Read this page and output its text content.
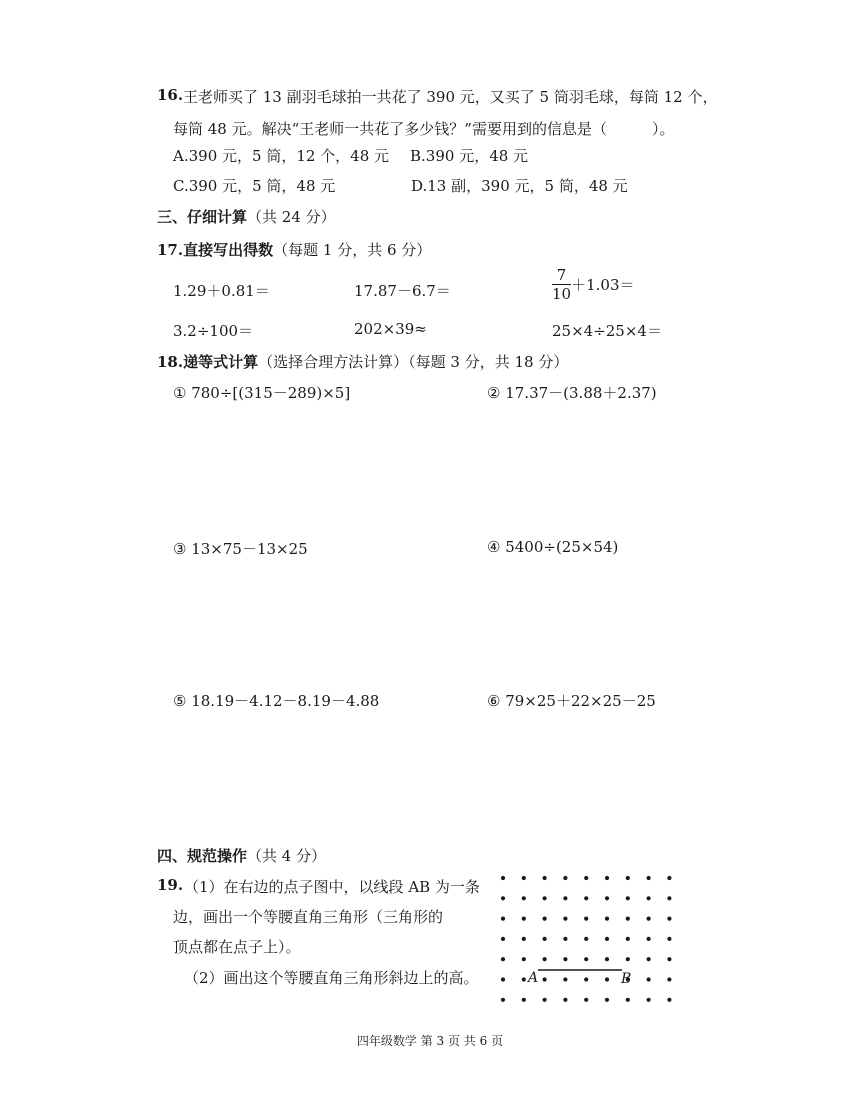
16. 王老师买了 13 副羽毛球拍一共花了 390 元，又买了 5 筒羽毛球，每筒 12 个，
每筒 48 元。解决“王老师一共花了多少钱？”需要用到的信息是（　　　）。
A.390 元，5 筒，12 个，48 元 B.390 元，48 元
C.390 元，5 筒，48 元	D.13 副，390 元，5 筒，48 元
三、仔细计算（共 24 分）
17.直接写出得数（每题 1 分，共 6 分）
1.29＋0.81＝	17.87－6.7＝	$\frac{7}{10} +1.03=$
3.2÷100＝	202×39≈	25×4÷25×4＝
18.递等式计算（选择合理方法计算）（每题 3 分，共 18 分）
① 780÷[(315－289)×5]	② 17.37－(3.88＋2.37)
③ 13×75－13×25	④ 5400÷(25×54)
⑤ 18.19－4.12－8.19－4.88	⑥ 79×25＋22×25－25
四、规范操作（共 4 分）
19. （1）在右边的点子图中，以线段 AB 为一条
边，画出一个等腰直角三角形（三角形的
顶点都在点子上）。
（2）画出这个等腰直角三角形斜边上的高。	A	B
四年级数学 第 3 页 共 6 页
